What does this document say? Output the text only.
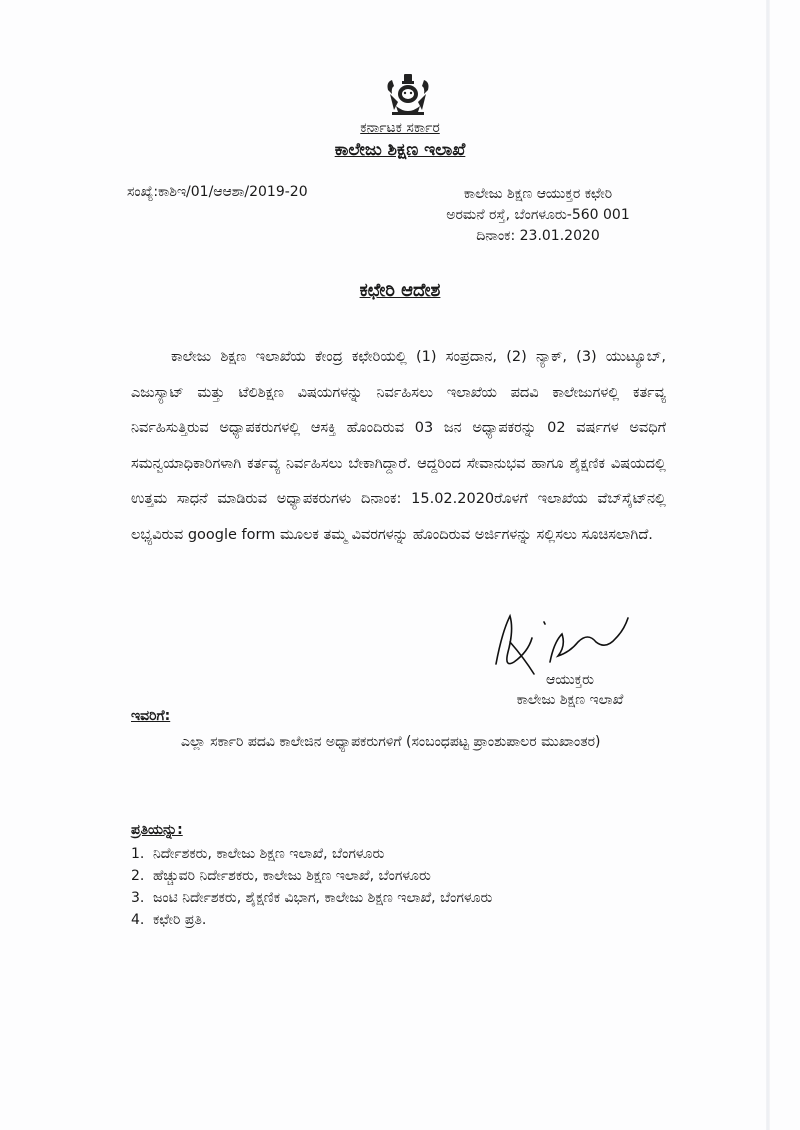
ಕರ್ನಾಟಕ ಸರ್ಕಾರ
ಕಾಲೇಜು ಶಿಕ್ಷಣ ಇಲಾಖೆ
ಸಂಖ್ಯೆ:ಕಾಶಿಇ/01/ಆಆಶಾ/2019-20	ಕಾಲೇಜು ಶಿಕ್ಷಣ ಆಯುಕ್ತರ ಕಛೇರಿ
ಅರಮನೆ ರಸ್ತೆ, ಬೆಂಗಳೂರು-560 001
ದಿನಾಂಕ: 23.01.2020
ಕಛೇರಿ ಆದೇಶ
ಕಾಲೇಜು ಶಿಕ್ಷಣ ಇಲಾಖೆಯ ಕೇಂದ್ರ ಕಛೇರಿಯಲ್ಲಿ (1) ಸಂಪ್ರದಾನ, (2) ನ್ಯಾಕ್, (3) ಯುಟ್ಯೂಬ್, ಎಜುಸ್ಯಾಟ್ ಮತ್ತು ಟೆಲಿಶಿಕ್ಷಣ ವಿಷಯಗಳನ್ನು ನಿರ್ವಹಿಸಲು ಇಲಾಖೆಯ ಪದವಿ ಕಾಲೇಜುಗಳಲ್ಲಿ ಕರ್ತವ್ಯ ನಿರ್ವಹಿಸುತ್ತಿರುವ ಅಧ್ಯಾಪಕರುಗಳಲ್ಲಿ ಆಸಕ್ತಿ ಹೊಂದಿರುವ 03 ಜನ ಅಧ್ಯಾಪಕರನ್ನು 02 ವರ್ಷಗಳ ಅವಧಿಗೆ ಸಮನ್ವಯಾಧಿಕಾರಿಗಳಾಗಿ ಕರ್ತವ್ಯ ನಿರ್ವಹಿಸಲು ಬೇಕಾಗಿದ್ದಾರೆ. ಆದ್ದರಿಂದ ಸೇವಾನುಭವ ಹಾಗೂ ಶೈಕ್ಷಣಿಕ ವಿಷಯದಲ್ಲಿ ಉತ್ತಮ ಸಾಧನೆ ಮಾಡಿರುವ ಅಧ್ಯಾಪಕರುಗಳು ದಿನಾಂಕ: 15.02.2020ರೊಳಗೆ ಇಲಾಖೆಯ ವೆಬ್‌ಸೈಟ್‌ನಲ್ಲಿ ಲಭ್ಯವಿರುವ google form ಮೂಲಕ ತಮ್ಮ ವಿವರಗಳನ್ನು ಹೊಂದಿರುವ ಅರ್ಜಿಗಳನ್ನು ಸಲ್ಲಿಸಲು ಸೂಚಿಸಲಾಗಿದೆ.
ಆಯುಕ್ತರು
ಕಾಲೇಜು ಶಿಕ್ಷಣ ಇಲಾಖೆ
ಇವರಿಗೆ:
ಎಲ್ಲಾ ಸರ್ಕಾರಿ ಪದವಿ ಕಾಲೇಜಿನ ಅಧ್ಯಾಪಕರುಗಳಿಗೆ (ಸಂಬಂಧಪಟ್ಟ ಪ್ರಾಂಶುಪಾಲರ ಮುಖಾಂತರ)
ಪ್ರತಿಯನ್ನು:
1. ನಿರ್ದೇಶಕರು, ಕಾಲೇಜು ಶಿಕ್ಷಣ ಇಲಾಖೆ, ಬೆಂಗಳೂರು
2. ಹೆಚ್ಚುವರಿ ನಿರ್ದೇಶಕರು, ಕಾಲೇಜು ಶಿಕ್ಷಣ ಇಲಾಖೆ, ಬೆಂಗಳೂರು
3. ಜಂಟಿ ನಿರ್ದೇಶಕರು, ಶೈಕ್ಷಣಿಕ ವಿಭಾಗ, ಕಾಲೇಜು ಶಿಕ್ಷಣ ಇಲಾಖೆ, ಬೆಂಗಳೂರು
4. ಕಛೇರಿ ಪ್ರತಿ.
